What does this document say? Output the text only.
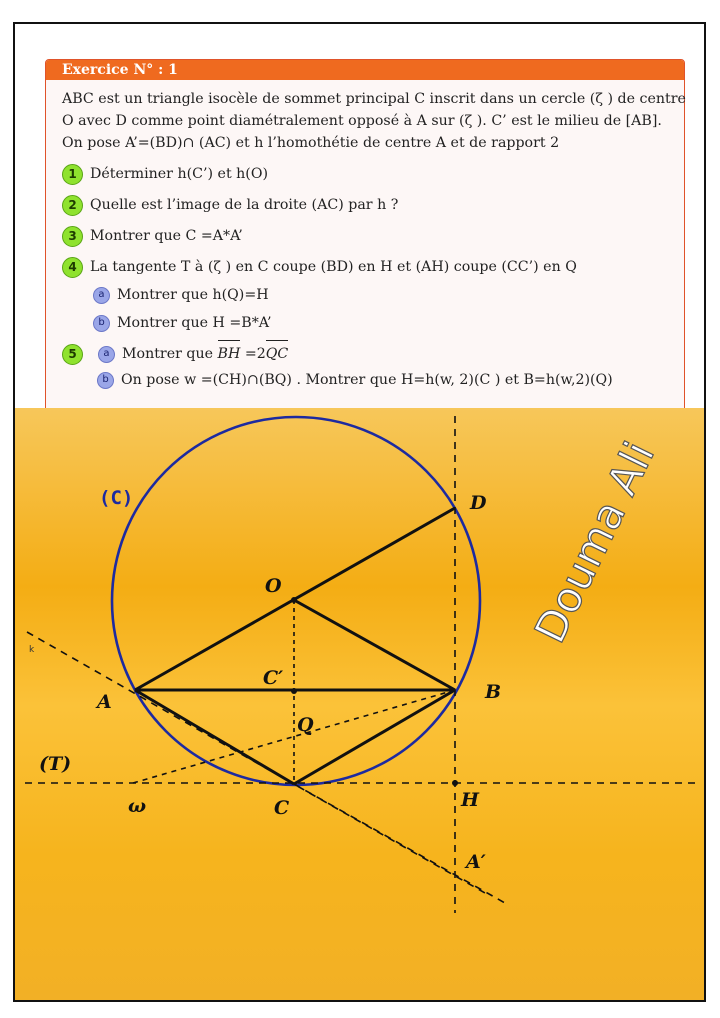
Exercice N° : 1
ABC est un triangle isocèle de sommet principal C inscrit dans un cercle (ζ ) de centre
O avec D comme point diamétralement opposé à A sur (ζ ). C’ est le milieu de [AB].
On pose A’=(BD)∩ (AC) et h l’homothétie de centre A et de rapport 2
1 Déterminer h(C’) et h(O)
2 Quelle est l’image de la droite (AC) par h ?
3 Montrer que C =A*A’
4 La tangente T à (ζ ) en C coupe (BD) en H et (AH) coupe (CC’) en Q
a Montrer que h(Q)=H
b Montrer que H =B*A’
5	a Montrer que
BH =2
QC
b On pose w =(CH)∩(BQ) . Montrer que H=h(w, 2)(C ) et B=h(w,2)(Q)
(C)	D
O
C′
B
A
Q
(T)
ω	C	H
A′
k	Douma Ali
